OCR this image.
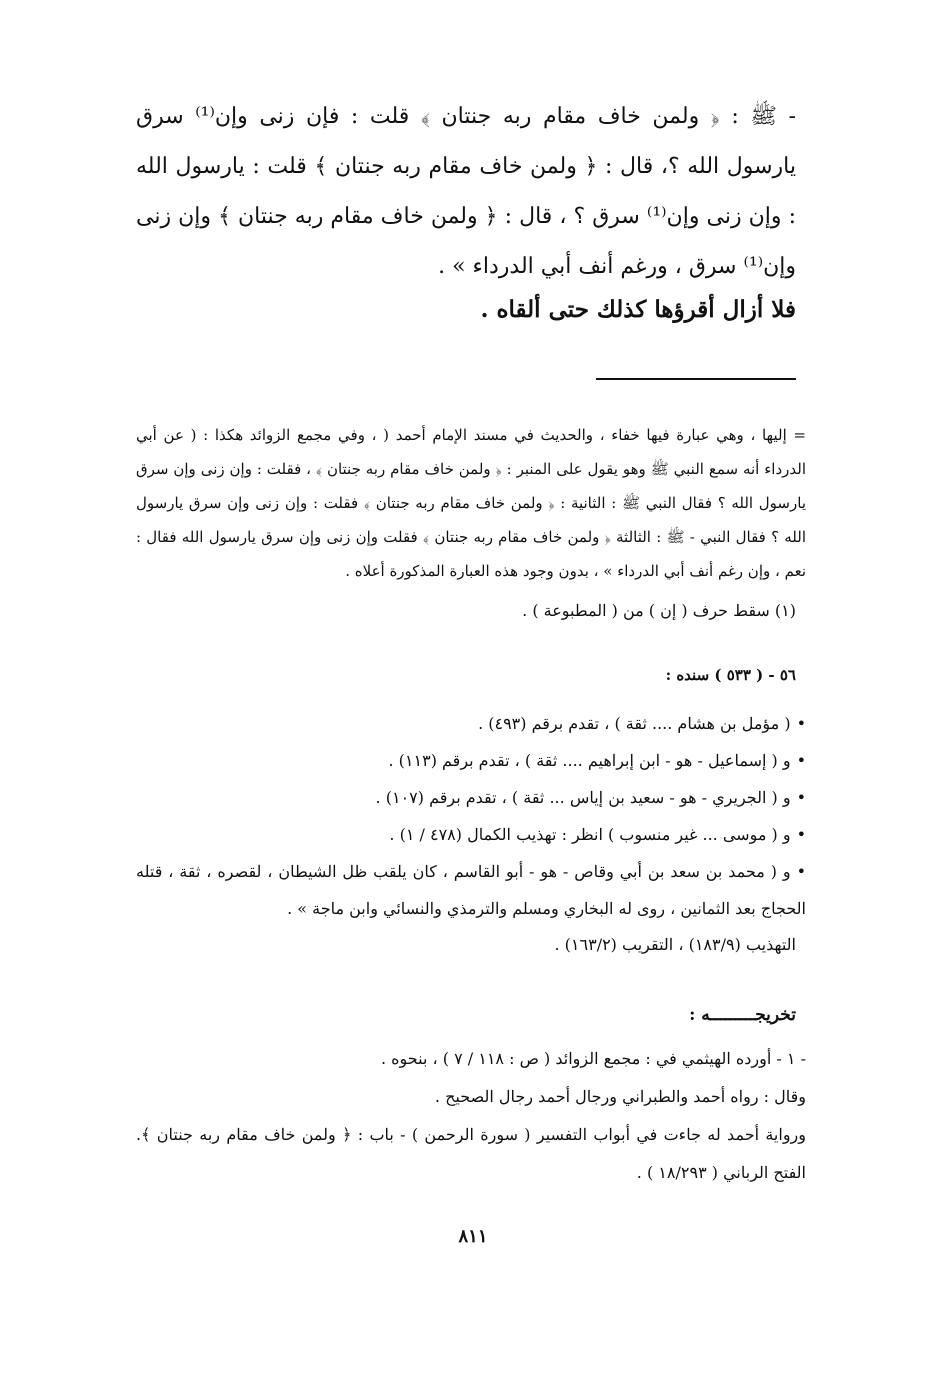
- ﷺ : ﴿ ولمن خاف مقام ربه جنتان ﴾ قلت : فإن زنى وإن⁽¹⁾ سرق يارسول الله ؟، قال : ﴿ ولمن خاف مقام ربه جنتان ﴾ قلت : يارسول الله : وإن زنى وإن⁽¹⁾ سرق ؟ ، قال : ﴿ ولمن خاف مقام ربه جنتان ﴾ وإن زنى وإن⁽¹⁾ سرق ، ورغم أنف أبي الدرداء » .

فلا أزال أقرؤها كذلك حتى ألقاه .

= إليها ، وهي عبارة فيها خفاء ، والحديث في مسند الإمام أحمد ( ، وفي مجمع الزوائد هكذا : ( عن أبي الدرداء أنه سمع النبي ﷺ وهو يقول على المنبر : ﴿ ولمن خاف مقام ربه جنتان ﴾ ، فقلت : وإن زنى وإن سرق يارسول الله ؟ فقال النبي ﷺ : الثانية : ﴿ ولمن خاف مقام ربه جنتان ﴾ فقلت : وإن زنى وإن سرق يارسول الله ؟ فقال النبي - ﷺ : الثالثة ﴿ ولمن خاف مقام ربه جنتان ﴾ فقلت وإن زنى وإن سرق يارسول الله فقال : نعم ، وإن رغم أنف أبي الدرداء » ، بدون وجود هذه العبارة المذكورة أعلاه .

(١) سقط حرف ( إن ) من ( المطبوعة ) .

٥٦ - ( ٥٣٣ ) سنده :

•( مؤمل بن هشام .... ثقة ) ، تقدم برقم (٤٩٣) .
•و ( إسماعيل - هو - ابن إبراهيم .... ثقة ) ، تقدم برقم (١١٣) .
•و ( الجريري - هو - سعيد بن إياس ... ثقة ) ، تقدم برقم (١٠٧) .
•و ( موسى ... غير منسوب ) انظر : تهذيب الكمال (٤٧٨ / ١) .
•و ( محمد بن سعد بن أبي وقاص - هو - أبو القاسم ، كان يلقب ظل الشيطان ، لقصره ، ثقة ، قتله الحجاج بعد الثمانين ، روى له البخاري ومسلم والترمذي والنسائي وابن ماجة » .

التهذيب (١٨٣/٩) ، التقريب (١٦٣/٢) .

تخريجـــــــــه :

- ١ - أورده الهيثمي في : مجمع الزوائد ( ص : ١١٨ / ٧ ) ، بنحوه .

وقال : رواه أحمد والطبراني ورجال أحمد رجال الصحيح .

ورواية أحمد له جاءت في أبواب التفسير ( سورة الرحمن ) - باب : ﴿ ولمن خاف مقام ربه جنتان ﴾. الفتح الرباني ( ١٨/٢٩٣ ) .

٨١١
